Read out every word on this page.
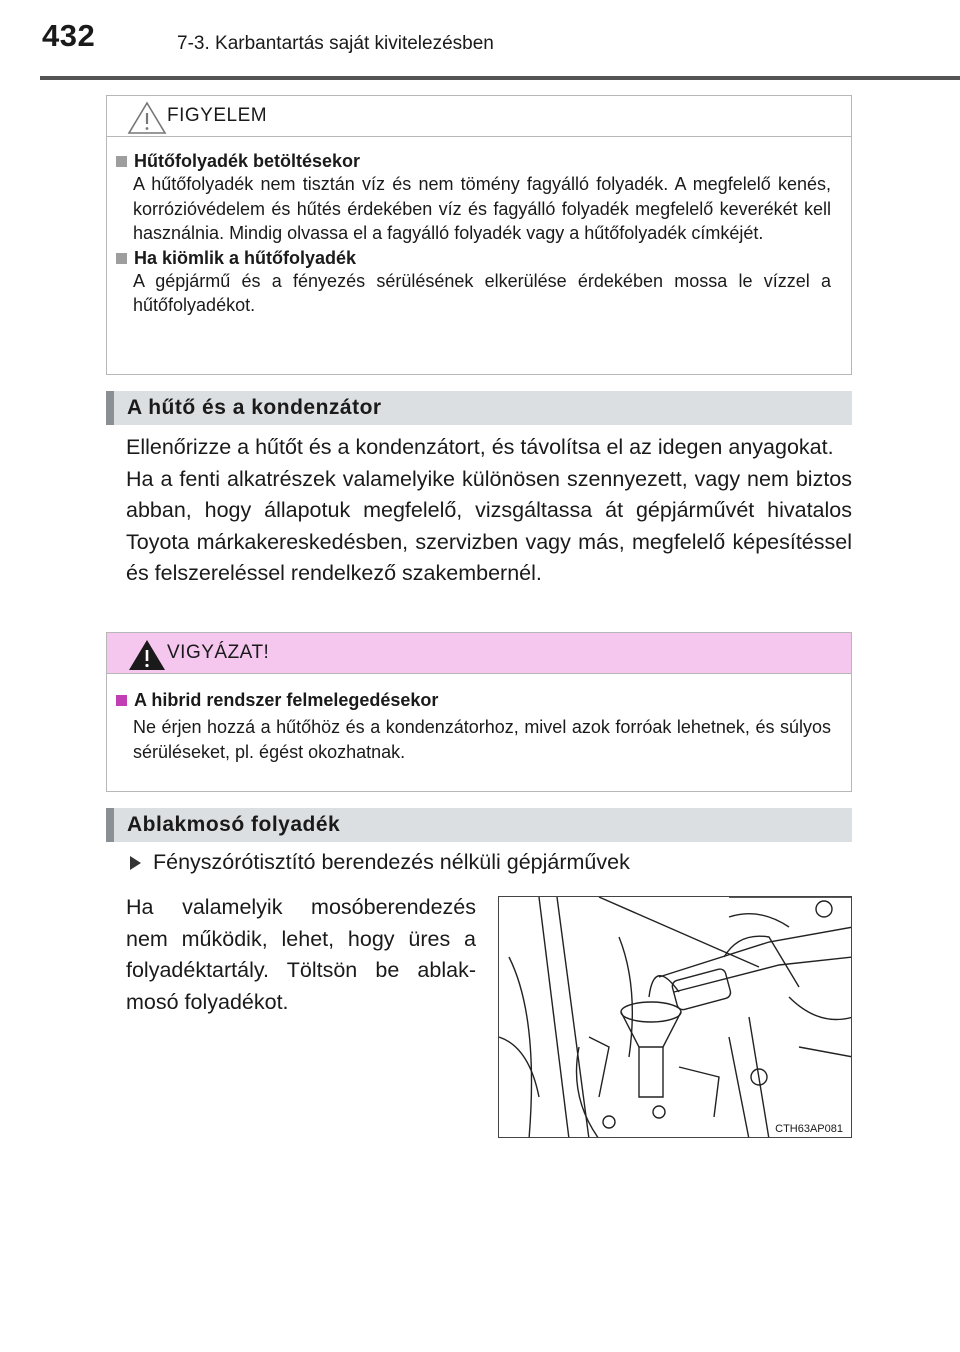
432	7-3. Karbantartás saját kivitelezésben
FIGYELEM
Hűtőfolyadék betöltésekor
A hűtőfolyadék nem tisztán víz és nem tömény fagyálló folyadék. A megfelelő kenés, korrózióvédelem és hűtés érdekében víz és fagyálló folyadék megfelelő keverékét kell használnia. Mindig olvassa el a fagyálló folyadék vagy a hűtőfolyadék címkéjét.
Ha kiömlik a hűtőfolyadék
A gépjármű és a fényezés sérülésének elkerülése érdekében mossa le vízzel a hűtőfolyadékot.
A hűtő és a kondenzátor
Ellenőrizze a hűtőt és a kondenzátort, és távolítsa el az idegen anyagokat.
Ha a fenti alkatrészek valamelyike különösen szennyezett, vagy nem biztos abban, hogy állapotuk megfelelő, vizsgáltassa át gépjárművét hivatalos Toyota márkakereskedésben, szervizben vagy más, megfelelő képesítéssel és felszereléssel rendelkező szakembernél.
VIGYÁZAT!
A hibrid rendszer felmelegedésekor
Ne érjen hozzá a hűtőhöz és a kondenzátorhoz, mivel azok forróak lehetnek, és súlyos sérüléseket, pl. égést okozhatnak.
Ablakmosó folyadék
Fényszórótisztító berendezés nélküli gépjárművek
Ha valamelyik mosóberendezés nem működik, lehet, hogy üres a folyadéktartály. Töltsön be ablakmosó folyadékot.
CTH63AP081
